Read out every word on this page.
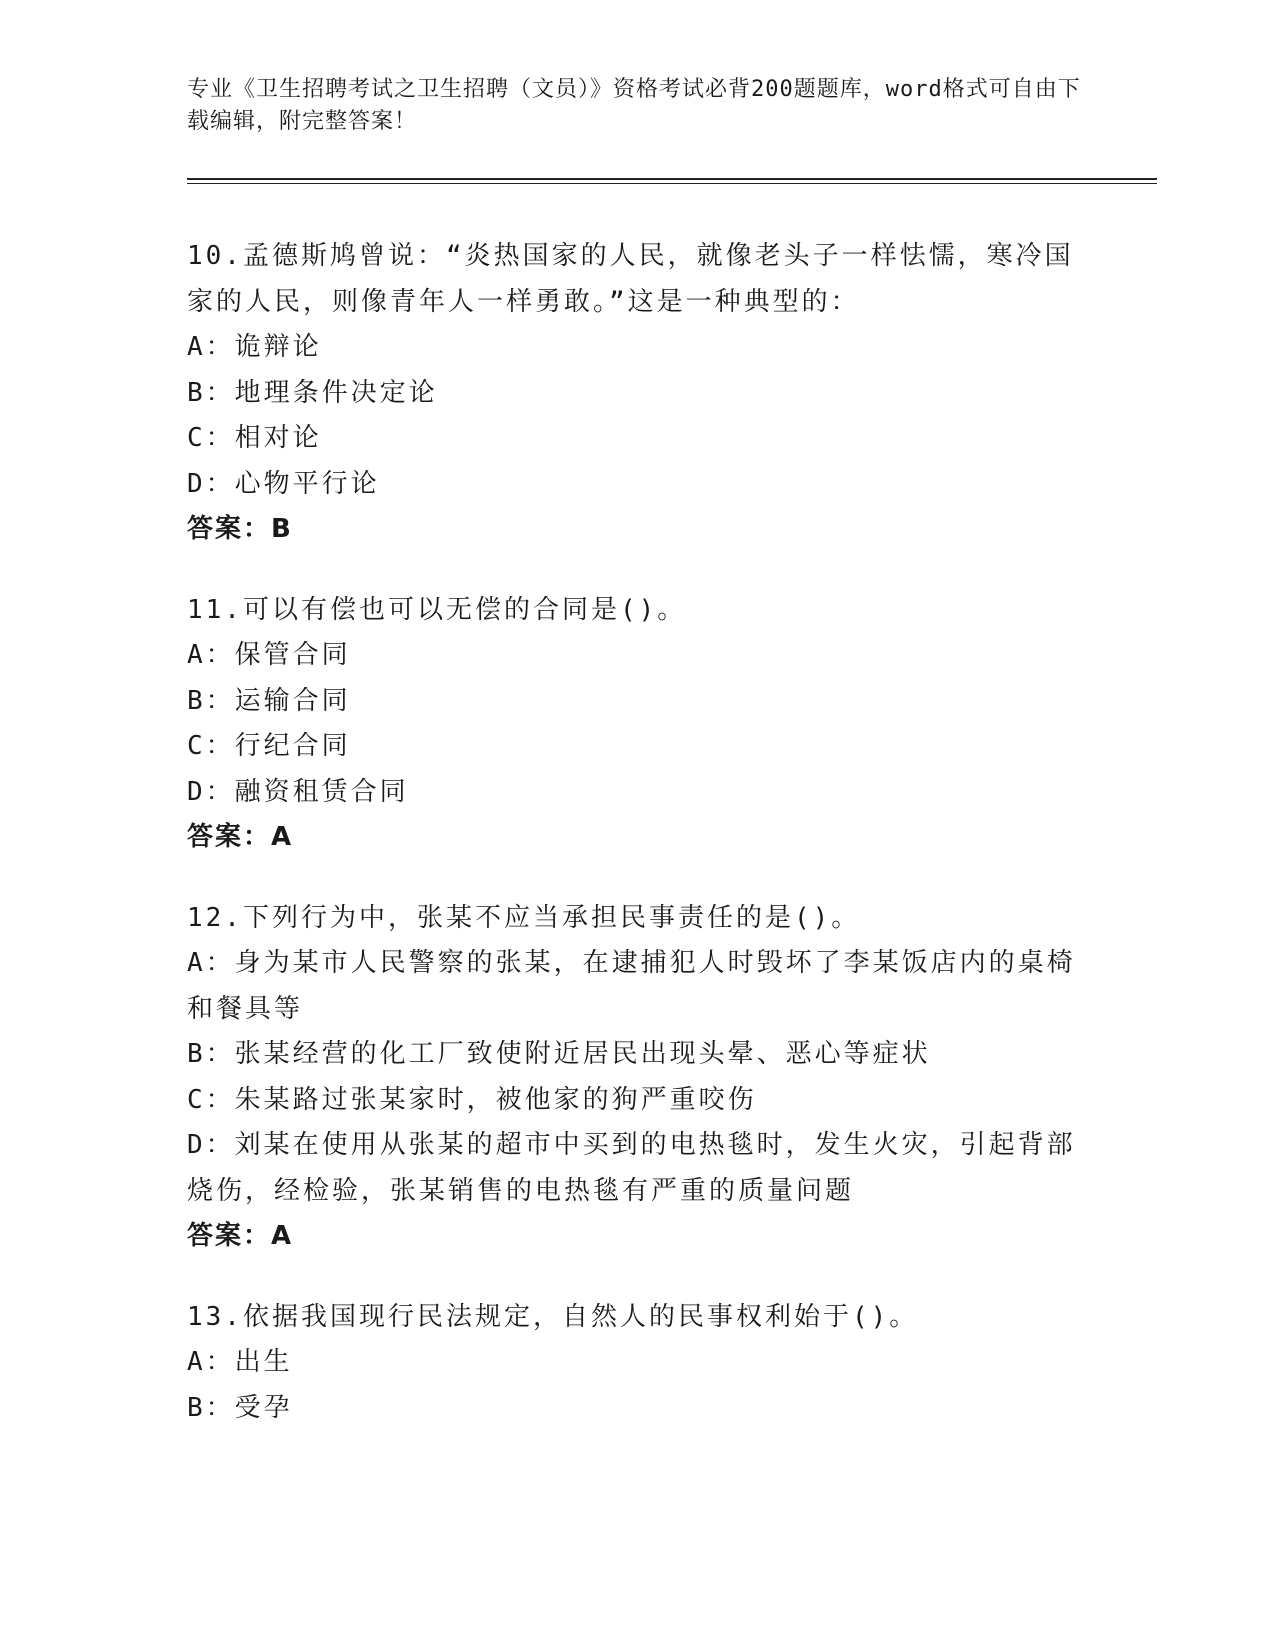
专业《卫生招聘考试之卫生招聘（文员）》资格考试必背200题题库，word格式可自由下载编辑，附完整答案！
10.孟德斯鸠曾说：“炎热国家的人民，就像老头子一样怯懦，寒冷国家的人民，则像青年人一样勇敢。”这是一种典型的：
A：诡辩论
B：地理条件决定论
C：相对论
D：心物平行论
答案：B
11.可以有偿也可以无偿的合同是()。
A：保管合同
B：运输合同
C：行纪合同
D：融资租赁合同
答案：A
12.下列行为中，张某不应当承担民事责任的是()。
A：身为某市人民警察的张某，在逮捕犯人时毁坏了李某饭店内的桌椅和餐具等
B：张某经营的化工厂致使附近居民出现头晕、恶心等症状
C：朱某路过张某家时，被他家的狗严重咬伤
D：刘某在使用从张某的超市中买到的电热毯时，发生火灾，引起背部烧伤，经检验，张某销售的电热毯有严重的质量问题
答案：A
13.依据我国现行民法规定，自然人的民事权利始于()。
A：出生
B：受孕
